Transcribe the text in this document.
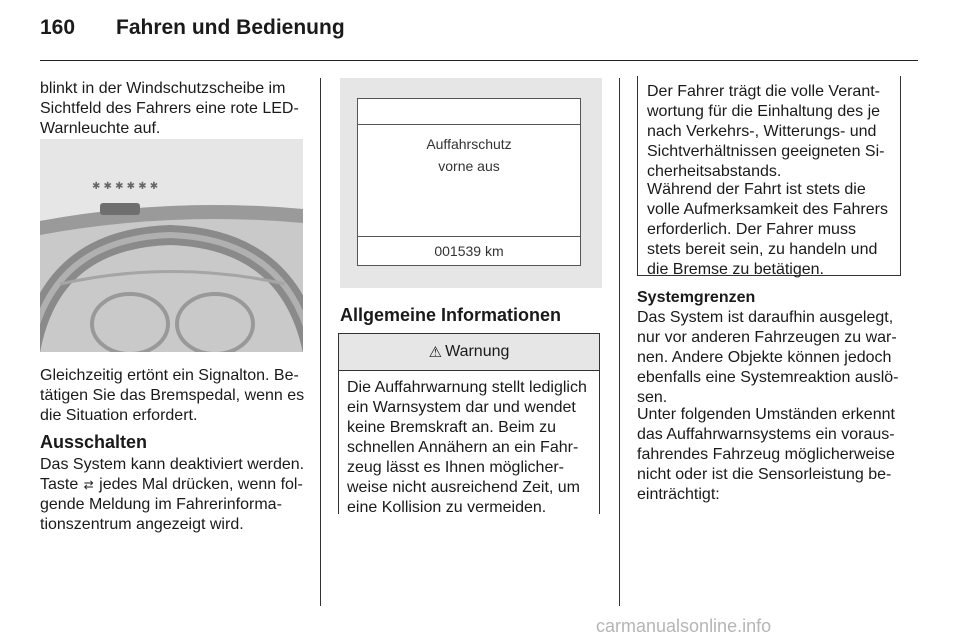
160 Fahren und Bedienung
blinkt in der Windschutzscheibe im
Sichtfeld des Fahrers eine rote LED-
Warnleuchte auf.
✱ ✱ ✱ ✱ ✱ ✱
Gleichzeitig ertönt ein Signalton. Be-
tätigen Sie das Bremspedal, wenn es
die Situation erfordert.
Ausschalten
Das System kann deaktiviert werden.
Taste ⇄ jedes Mal drücken, wenn fol-
gende Meldung im Fahrerinforma-
tionszentrum angezeigt wird.
Auffahrschutz
vorne aus
001539 km
Allgemeine Informationen
⚠ Warnung
Die Auffahrwarnung stellt lediglich
ein Warnsystem dar und wendet
keine Bremskraft an. Beim zu
schnellen Annähern an ein Fahr-
zeug lässt es Ihnen möglicher-
weise nicht ausreichend Zeit, um
eine Kollision zu vermeiden.
Der Fahrer trägt die volle Verant-
wortung für die Einhaltung des je
nach Verkehrs-, Witterungs- und
Sichtverhältnissen geeigneten Si-
cherheitsabstands.
Während der Fahrt ist stets die
volle Aufmerksamkeit des Fahrers
erforderlich. Der Fahrer muss
stets bereit sein, zu handeln und
die Bremse zu betätigen.
Systemgrenzen
Das System ist darauf‌hin ausgelegt,
nur vor anderen Fahrzeugen zu war-
nen. Andere Objekte können jedoch
ebenfalls eine Systemreaktion auslö-
sen.
Unter folgenden Umständen erkennt
das Auffahrwarnsystems ein voraus-
fahrendes Fahrzeug möglicherweise
nicht oder ist die Sensorleistung be-
einträchtigt:
carmanualsonline.info
